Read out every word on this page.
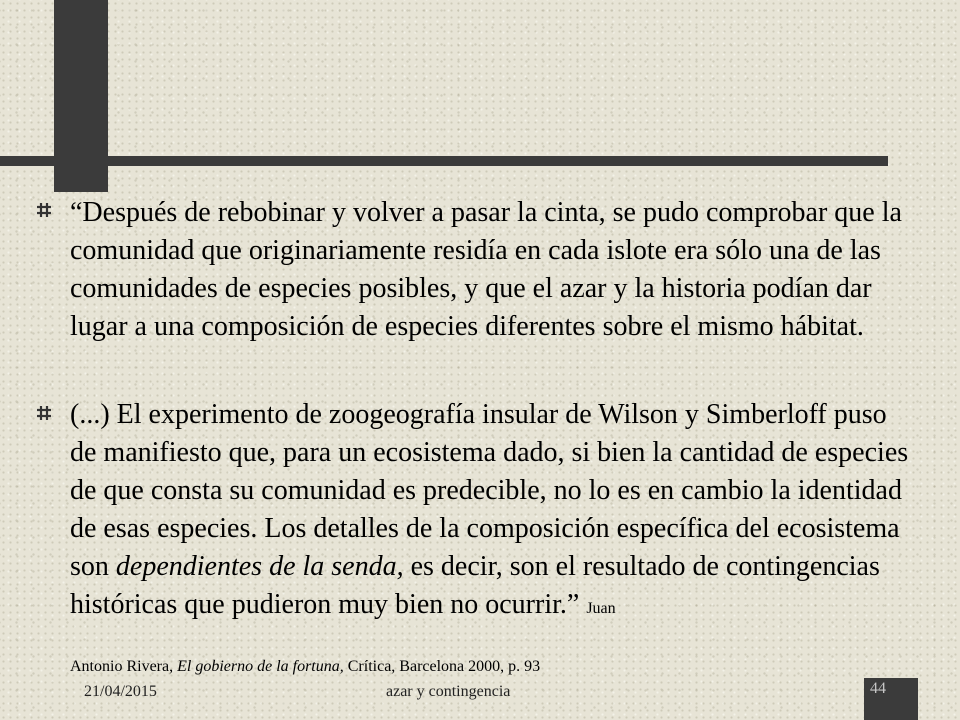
“Después de rebobinar y volver a pasar la cinta, se pudo comprobar que la comunidad que originariamente residía en cada islote era sólo una de las comunidades de especies posibles, y que el azar y la historia podían dar lugar a una composición de especies diferentes sobre el mismo hábitat.
(...) El experimento de zoogeografía insular de Wilson y Simberloff puso de manifiesto que, para un ecosistema dado, si bien la cantidad de especies de que consta su comunidad es predecible, no lo es en cambio la identidad de esas especies. Los detalles de la composición específica del ecosistema son dependientes de la senda, es decir, son el resultado de contingencias históricas que pudieron muy bien no ocurrir.” Juan
Antonio Rivera, El gobierno de la fortuna, Crítica, Barcelona 2000, p. 93
21/04/2015	azar y contingencia	44
